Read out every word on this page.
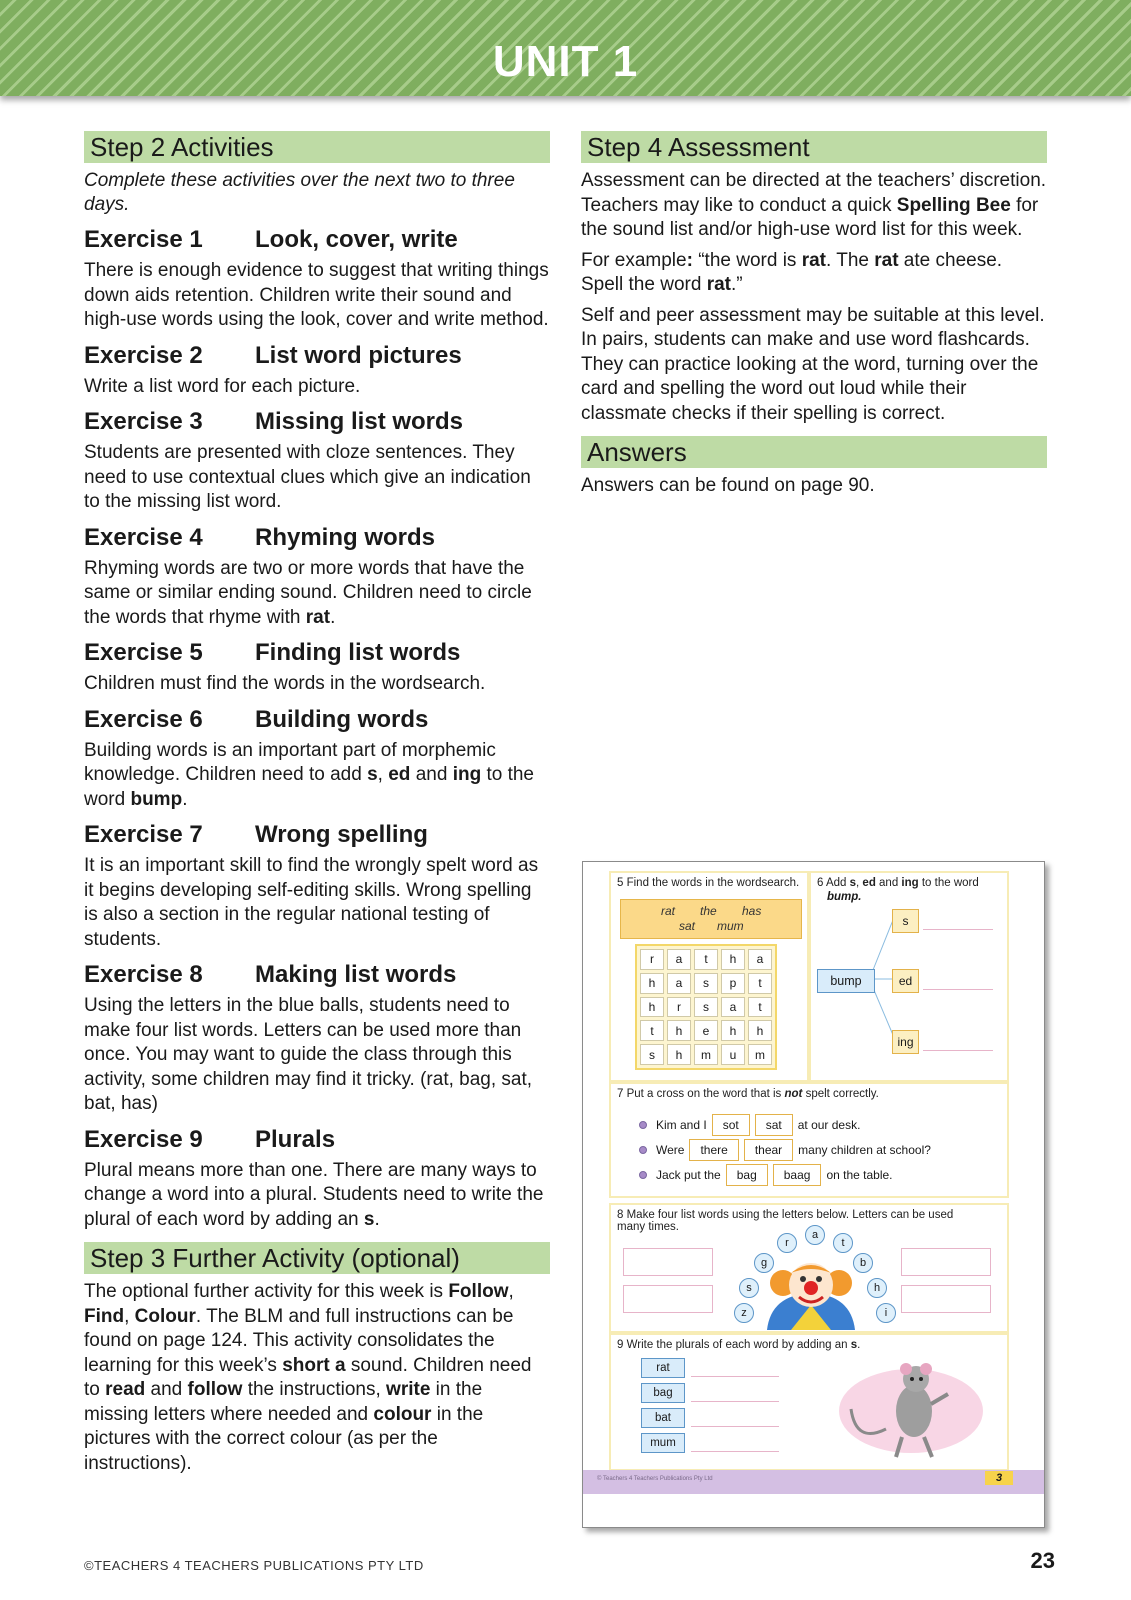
UNIT 1
Step 2 Activities
Complete these activities over the next two to three days.
Exercise 1	Look, cover, write

There is enough evidence to suggest that writing things down aids retention. Children write their sound and high-use words using the look, cover and write method.

Exercise 2	List word pictures

Write a list word for each picture.

Exercise 3	Missing list words

Students are presented with cloze sentences. They need to use contextual clues which give an indication to the missing list word.

Exercise 4	Rhyming words

Rhyming words are two or more words that have the same or similar ending sound. Children need to circle the words that rhyme with rat.

Exercise 5	Finding list words

Children must find the words in the wordsearch.

Exercise 6	Building words

Building words is an important part of morphemic knowledge. Children need to add s, ed and ing to the word bump.

Exercise 7	Wrong spelling

It is an important skill to find the wrongly spelt word as it begins developing self-editing skills. Wrong spelling is also a section in the regular national testing of students.

Exercise 8	Making list words

Using the letters in the blue balls, students need to make four list words. Letters can be used more than once. You may want to guide the class through this activity, some children may find it tricky. (rat, bag, sat, bat, has)

Exercise 9	Plurals

Plural means more than one. There are many ways to change a word into a plural. Students need to write the plural of each word by adding an s.

Step 3 Further Activity (optional)

The optional further activity for this week is Follow, Find, Colour. The BLM and full instructions can be found on page 124. This activity consolidates the learning for this week’s short a sound. Children need to read and follow the instructions, write in the missing letters where needed and colour in the pictures with the correct colour (as per the instructions).

Step 4 Assessment

Assessment can be directed at the teachers’ discretion. Teachers may like to conduct a quick Spelling Bee for the sound list and/or high-use word list for this week.

For example: “the word is rat. The rat ate cheese. Spell the word rat.”

Self and peer assessment may be suitable at this level. In pairs, students can make and use word flashcards. They can practice looking at the word, turning over the card and spelling the word out loud while their classmate checks if their spelling is correct.

Answers

Answers can be found on page 90.

5 Find the words in the wordsearch.
rat the has
sat mum
r	a	t	h	a
h	a	s	p	t
h	r	s	a	t
t	h	e	h	h
s	h	m	u	m
6 Add s, ed and ing to the word
bump.
bump
s
ed
ing
7 Put a cross on the word that is not spelt correctly.
Kim and I	sot	sat	at our desk.
Were	there	thear	many children at school?
Jack put the	bag	baag	on the table.
8 Make four list words using the letters below. Letters can be used many times.
r
a
t
g	b
s	h
z	i
9 Write the plurals of each word by adding an s.
rat
bag
bat
mum
© Teachers 4 Teachers Publications Pty Ltd	3
©TEACHERS 4 TEACHERS PUBLICATIONS PTY LTD	23
